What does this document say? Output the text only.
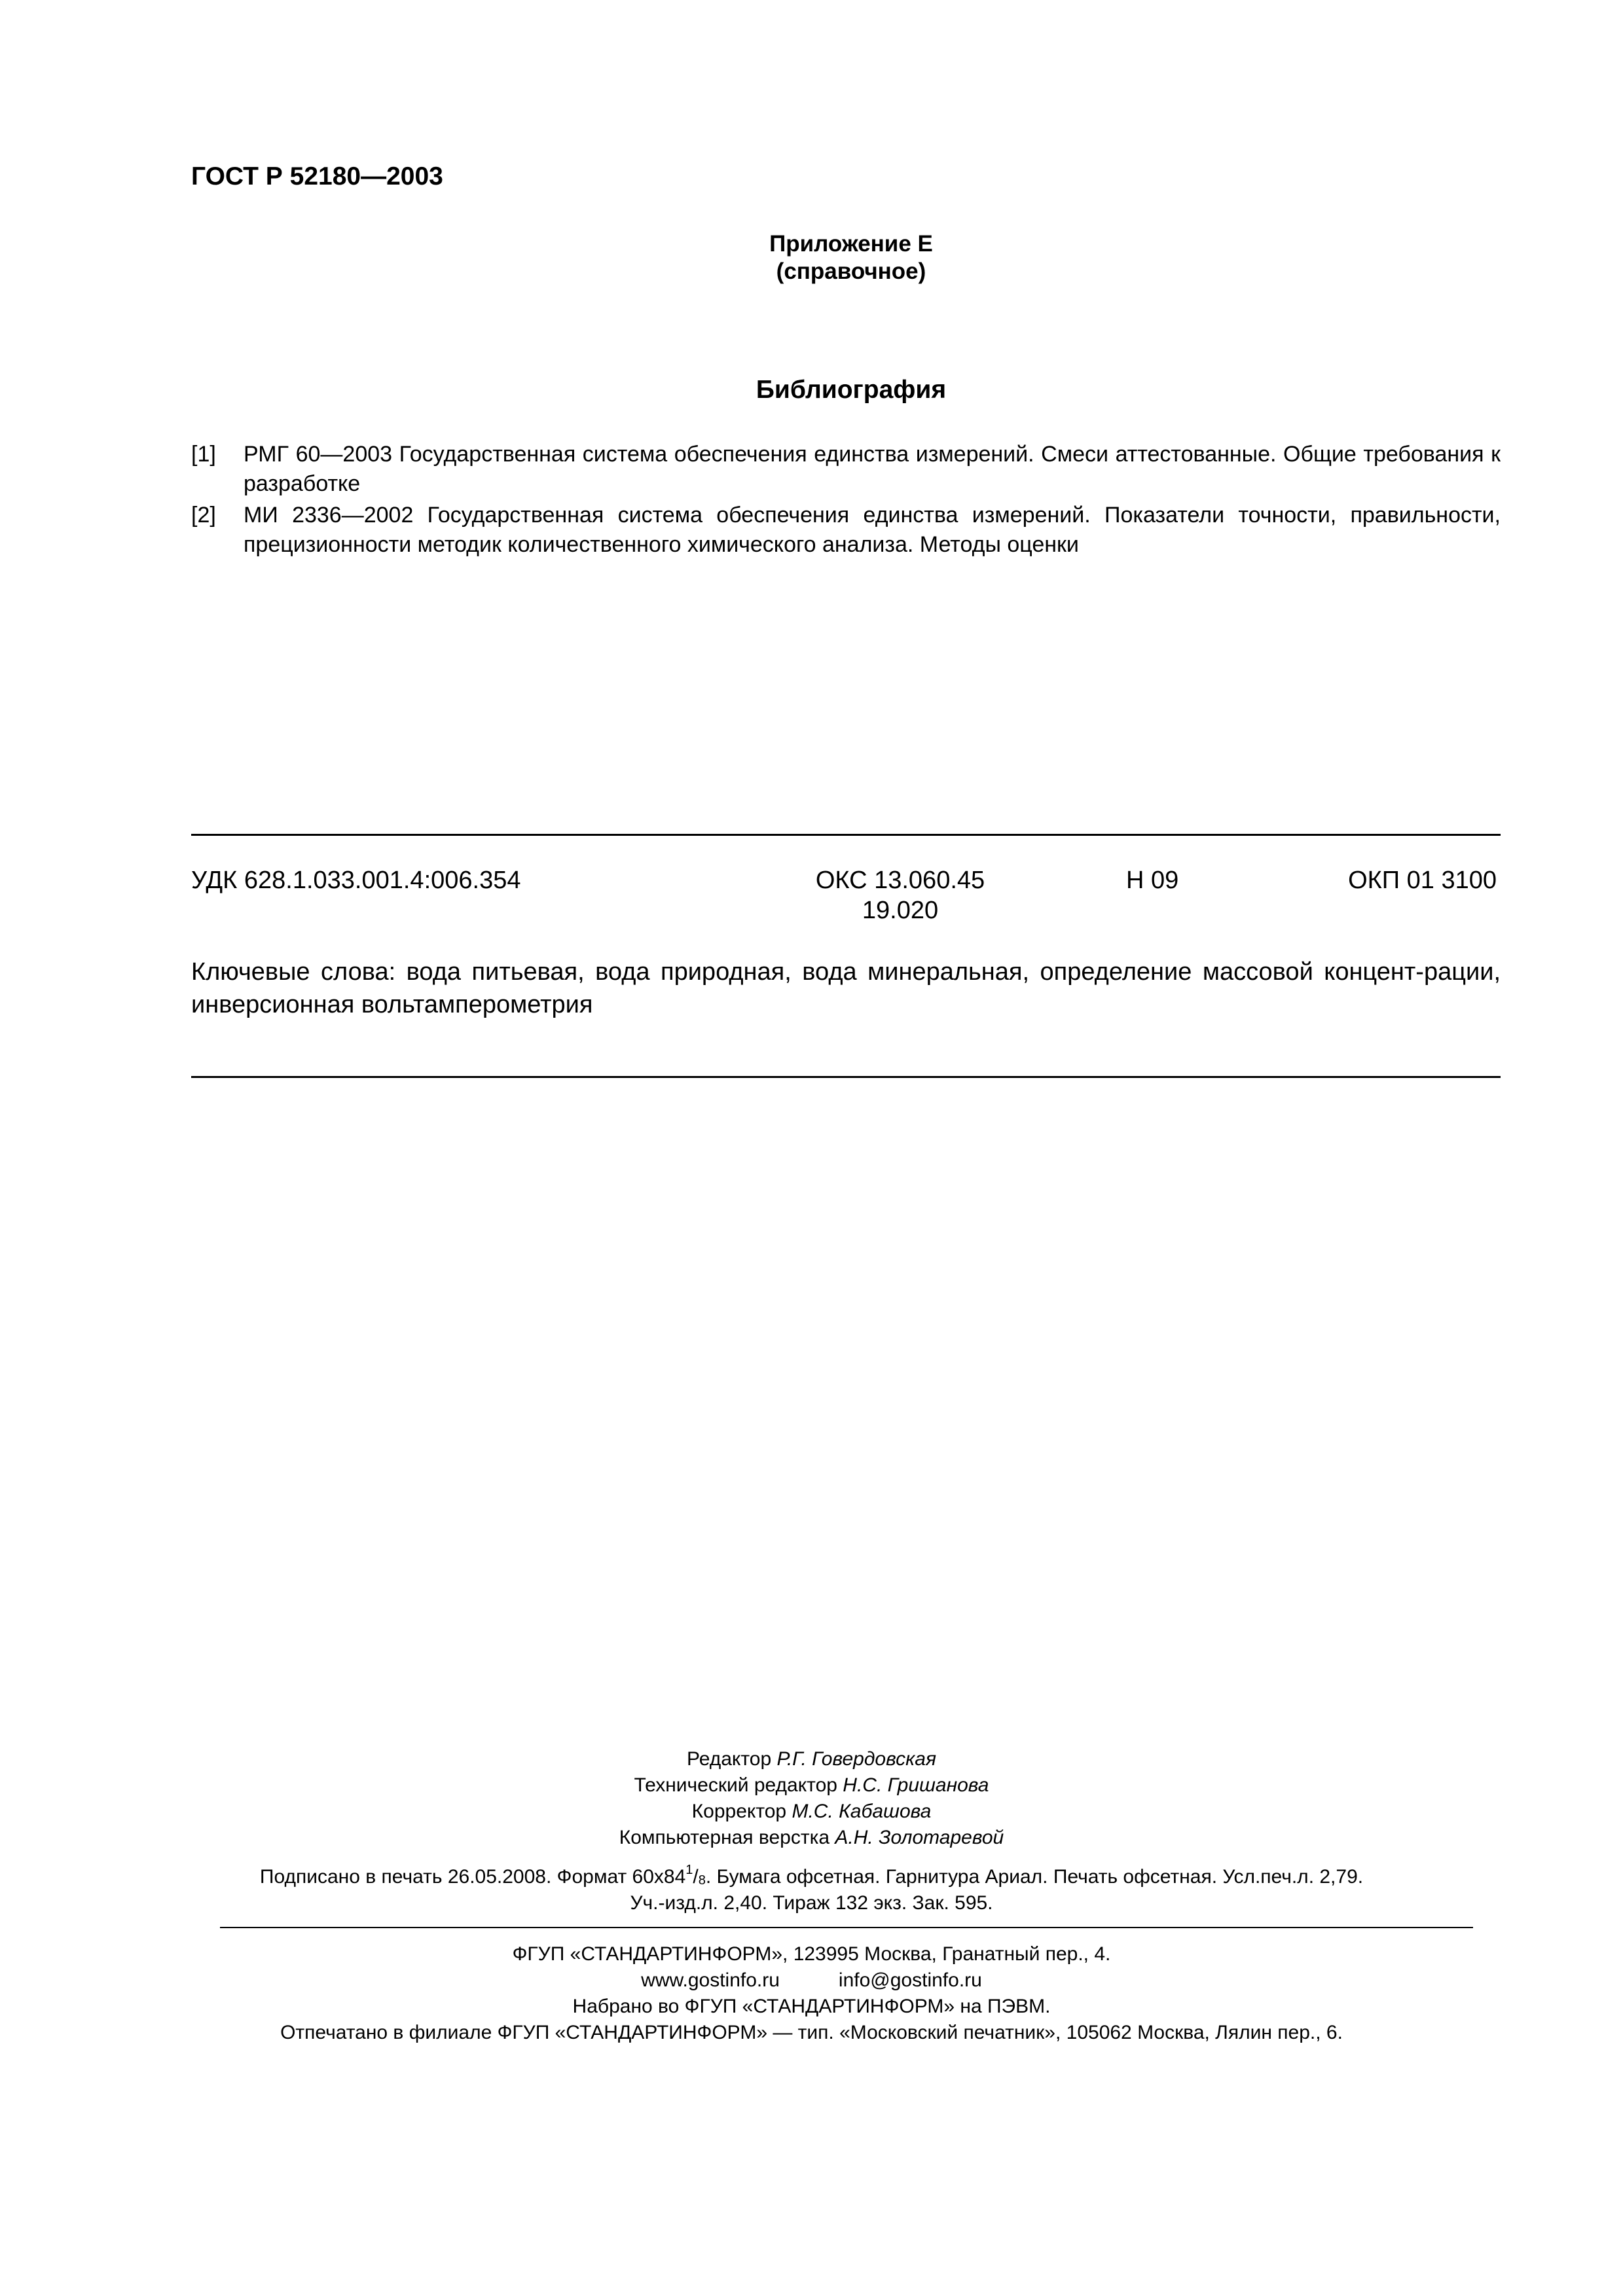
ГОСТ Р 52180—2003
Приложение Е
(справочное)
Библиография
[1] РМГ 60—2003 Государственная система обеспечения единства измерений. Смеси аттестованные. Общие требования к разработке
[2] МИ 2336—2002 Государственная система обеспечения единства измерений. Показатели точности, правильности, прецизионности методик количественного химического анализа. Методы оценки
УДК 628.1.033.001.4:006.354	ОКС 13.060.45
19.020
Н 09	ОКП 01 3100
Ключевые слова: вода питьевая, вода природная, вода минеральная, определение массовой концент-рации, инверсионная вольтамперометрия
Редактор Р.Г. Говердовская
Технический редактор Н.С. Гришанова
Корректор М.С. Кабашова
Компьютерная верстка А.Н. Золотаревой
Подписано в печать 26.05.2008. Формат $60х84^1/_8$. Бумага офсетная. Гарнитура Ариал. Печать офсетная. Усл.печ.л. 2,79.
Уч.-изд.л. 2,40. Тираж 132 экз. Зак. 595.
ФГУП «СТАНДАРТИНФОРМ», 123995 Москва, Гранатный пер., 4.
www.gostinfo.ru	info@gostinfo.ru
Набрано во ФГУП «СТАНДАРТИНФОРМ» на ПЭВМ.
Отпечатано в филиале ФГУП «СТАНДАРТИНФОРМ» — тип. «Московский печатник», 105062 Москва, Лялин пер., 6.
